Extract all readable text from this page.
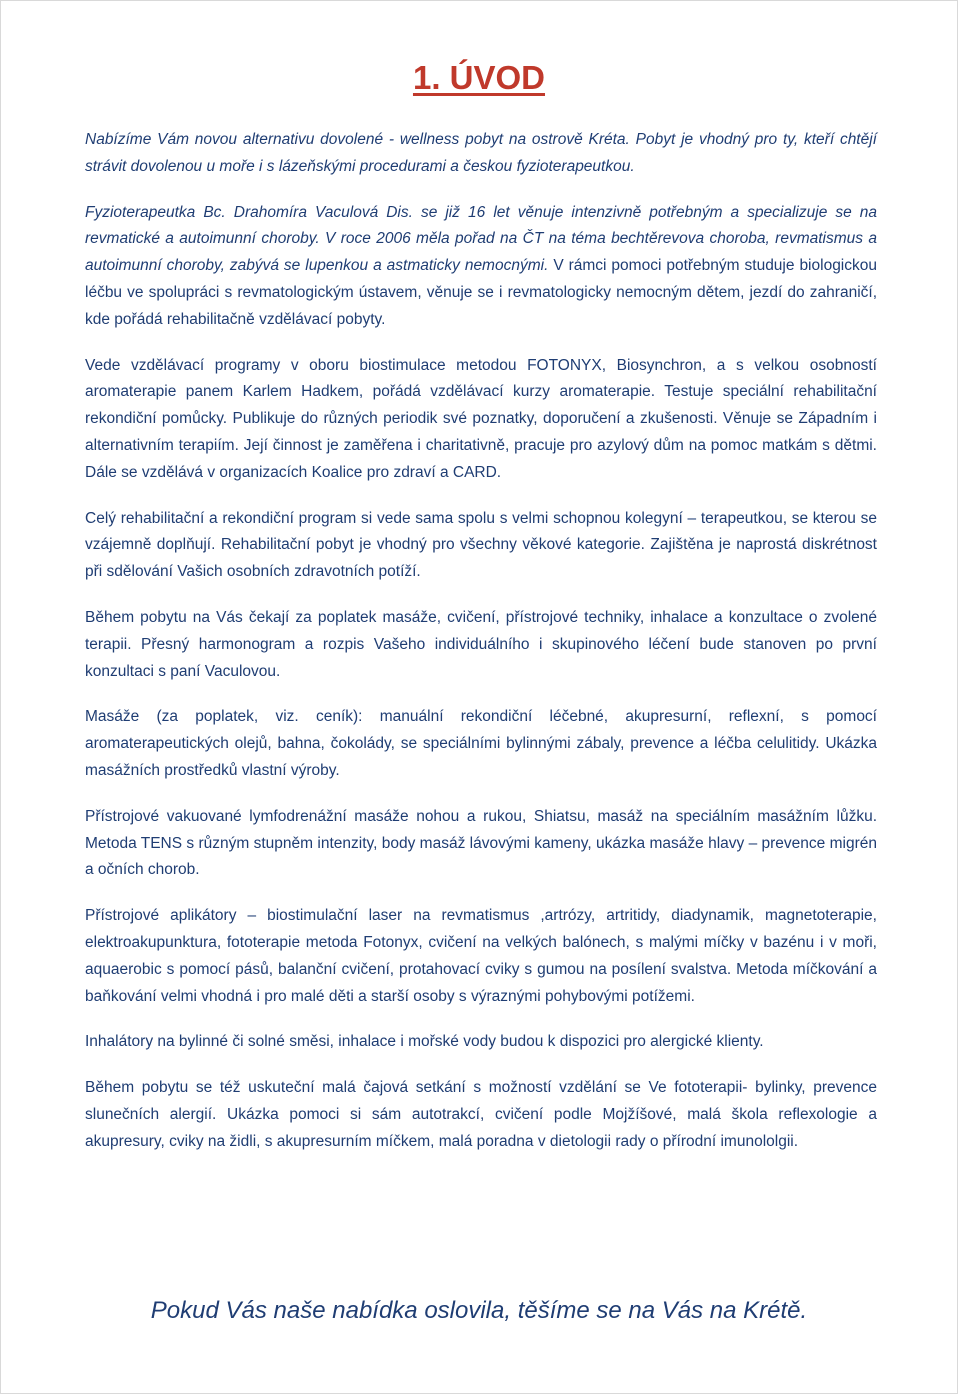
1. ÚVOD

Nabízíme Vám novou alternativu dovolené - wellness pobyt na ostrově Kréta. Pobyt je vhodný pro ty, kteří chtějí strávit dovolenou u moře i s lázeňskými procedurami a českou fyzioterapeutkou.

Fyzioterapeutka Bc. Drahomíra Vaculová Dis. se již 16 let věnuje intenzivně potřebným a specializuje se na revmatické a autoimunní choroby. V roce 2006 měla pořad na ČT na téma bechtěrevova choroba, revmatismus a autoimunní choroby, zabývá se lupenkou a astmaticky nemocnými. V rámci pomoci potřebným studuje biologickou léčbu ve spolupráci s revmatologickým ústavem, věnuje se i revmatologicky nemocným dětem, jezdí do zahraničí, kde pořádá rehabilitačně vzdělávací pobyty.

Vede vzdělávací programy v oboru biostimulace metodou FOTONYX, Biosynchron, a s velkou osobností aromaterapie panem Karlem Hadkem, pořádá vzdělávací kurzy aromaterapie. Testuje speciální rehabilitační rekondiční pomůcky. Publikuje do různých periodik své poznatky, doporučení a zkušenosti. Věnuje se Západním i alternativním terapiím. Její činnost je zaměřena i charitativně, pracuje pro azylový dům na pomoc matkám s dětmi. Dále se vzdělává v organizacích Koalice pro zdraví a CARD.

Celý rehabilitační a rekondiční program si vede sama spolu s velmi schopnou kolegyní – terapeutkou, se kterou se vzájemně doplňují. Rehabilitační pobyt je vhodný pro všechny věkové kategorie. Zajištěna je naprostá diskrétnost při sdělování Vašich osobních zdravotních potíží.

Během pobytu na Vás čekají za poplatek masáže, cvičení, přístrojové techniky, inhalace a konzultace o zvolené terapii. Přesný harmonogram a rozpis Vašeho individuálního i skupinového léčení bude stanoven po první konzultaci s paní Vaculovou.

Masáže (za poplatek, viz. ceník): manuální rekondiční léčebné, akupresurní, reflexní, s pomocí aromaterapeutických olejů, bahna, čokolády, se speciálními bylinnými zábaly, prevence a léčba celulitidy. Ukázka masážních prostředků vlastní výroby.

Přístrojové vakuované lymfodrenážní masáže nohou a rukou, Shiatsu, masáž na speciálním masážním lůžku. Metoda TENS s různým stupněm intenzity, body masáž lávovými kameny, ukázka masáže hlavy – prevence migrén a očních chorob.

Přístrojové aplikátory – biostimulační laser na revmatismus ,artrózy, artritidy, diadynamik, magnetoterapie, elektroakupunktura, fototerapie metoda Fotonyx, cvičení na velkých balónech, s malými míčky v bazénu i v moři, aquaerobic s pomocí pásů, balanční cvičení, protahovací cviky s gumou na posílení svalstva. Metoda míčkování a baňkování velmi vhodná i pro malé děti a starší osoby s výraznými pohybovými potížemi.

Inhalátory na bylinné či solné směsi, inhalace i mořské vody budou k dispozici pro alergické klienty.

Během pobytu se též uskuteční malá čajová setkání s možností vzdělání se Ve fototerapii- bylinky, prevence slunečních alergií. Ukázka pomoci si sám autotrakcí, cvičení podle Mojžíšové, malá škola reflexologie a akupresury, cviky na židli, s akupresurním míčkem, malá poradna v dietologii rady o přírodní imunololgii.

Pokud Vás naše nabídka oslovila, těšíme se na Vás na Krétě.
